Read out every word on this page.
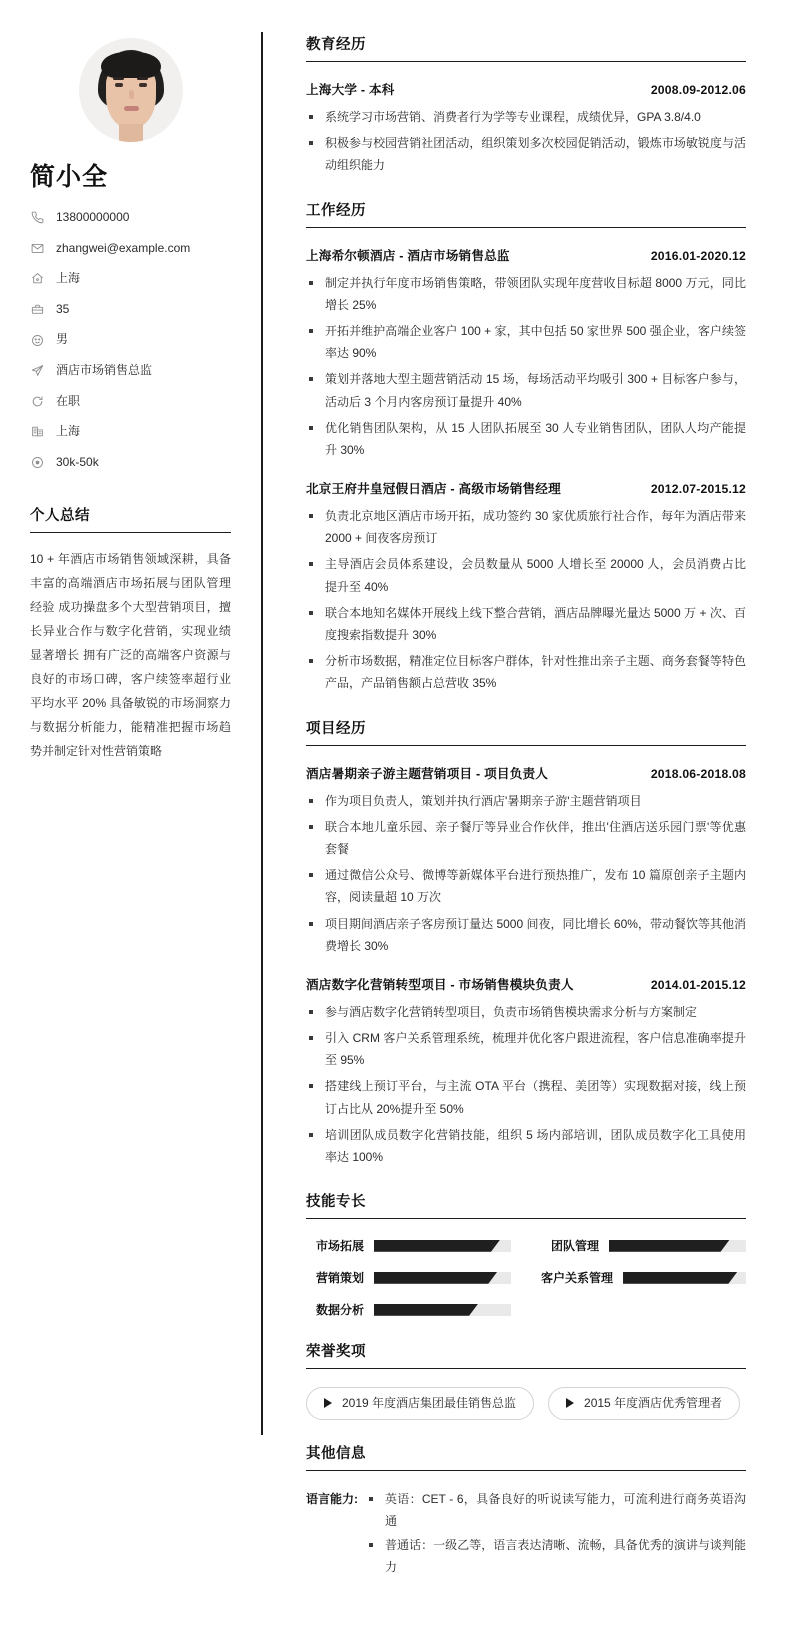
简小全
13800000000
zhangwei@example.com
上海
35
男
酒店市场销售总监
在职
上海
30k-50k
个人总结

10 + 年酒店市场销售领域深耕，具备丰富的高端酒店市场拓展与团队管理经验 成功操盘多个大型营销项目，擅长异业合作与数字化营销，实现业绩显著增长 拥有广泛的高端客户资源与良好的市场口碑，客户续签率超行业平均水平 20% 具备敏锐的市场洞察力与数据分析能力，能精准把握市场趋势并制定针对性营销策略

教育经历
上海大学 - 本科	2008.09-2012.06
系统学习市场营销、消费者行为学等专业课程，成绩优异，GPA 3.8/4.0
积极参与校园营销社团活动，组织策划多次校园促销活动，锻炼市场敏锐度与活动组织能力
工作经历
上海希尔顿酒店 - 酒店市场销售总监	2016.01-2020.12
制定并执行年度市场销售策略，带领团队实现年度营收目标超 8000 万元，同比增长 25%
开拓并维护高端企业客户 100 + 家，其中包括 50 家世界 500 强企业，客户续签率达 90%
策划并落地大型主题营销活动 15 场，每场活动平均吸引 300 + 目标客户参与，活动后 3 个月内客房预订量提升 40%
优化销售团队架构，从 15 人团队拓展至 30 人专业销售团队，团队人均产能提升 30%
北京王府井皇冠假日酒店 - 高级市场销售经理	2012.07-2015.12
负责北京地区酒店市场开拓，成功签约 30 家优质旅行社合作，每年为酒店带来 2000 + 间夜客房预订
主导酒店会员体系建设，会员数量从 5000 人增长至 20000 人，会员消费占比提升至 40%
联合本地知名媒体开展线上线下整合营销，酒店品牌曝光量达 5000 万 + 次、百度搜索指数提升 30%
分析市场数据，精准定位目标客户群体，针对性推出亲子主题、商务套餐等特色产品，产品销售额占总营收 35%
项目经历
酒店暑期亲子游主题营销项目 - 项目负责人	2018.06-2018.08
作为项目负责人，策划并执行酒店'暑期亲子游'主题营销项目
联合本地儿童乐园、亲子餐厅等异业合作伙伴，推出'住酒店送乐园门票'等优惠套餐
通过微信公众号、微博等新媒体平台进行预热推广，发布 10 篇原创亲子主题内容，阅读量超 10 万次
项目期间酒店亲子客房预订量达 5000 间夜，同比增长 60%，带动餐饮等其他消费增长 30%
酒店数字化营销转型项目 - 市场销售模块负责人	2014.01-2015.12
参与酒店数字化营销转型项目，负责市场销售模块需求分析与方案制定
引入 CRM 客户关系管理系统，梳理并优化客户跟进流程，客户信息准确率提升至 95%
搭建线上预订平台，与主流 OTA 平台（携程、美团等）实现数据对接，线上预订占比从 20%提升至 50%
培训团队成员数字化营销技能，组织 5 场内部培训，团队成员数字化工具使用率达 100%
技能专长
市场拓展	团队管理
营销策划	客户关系管理
数据分析
荣誉奖项
2019 年度酒店集团最佳销售总监	2015 年度酒店优秀管理者
其他信息
语言能力:	英语：CET - 6，具备良好的听说读写能力，可流利进行商务英语沟通
普通话：一级乙等，语言表达清晰、流畅，具备优秀的演讲与谈判能力
